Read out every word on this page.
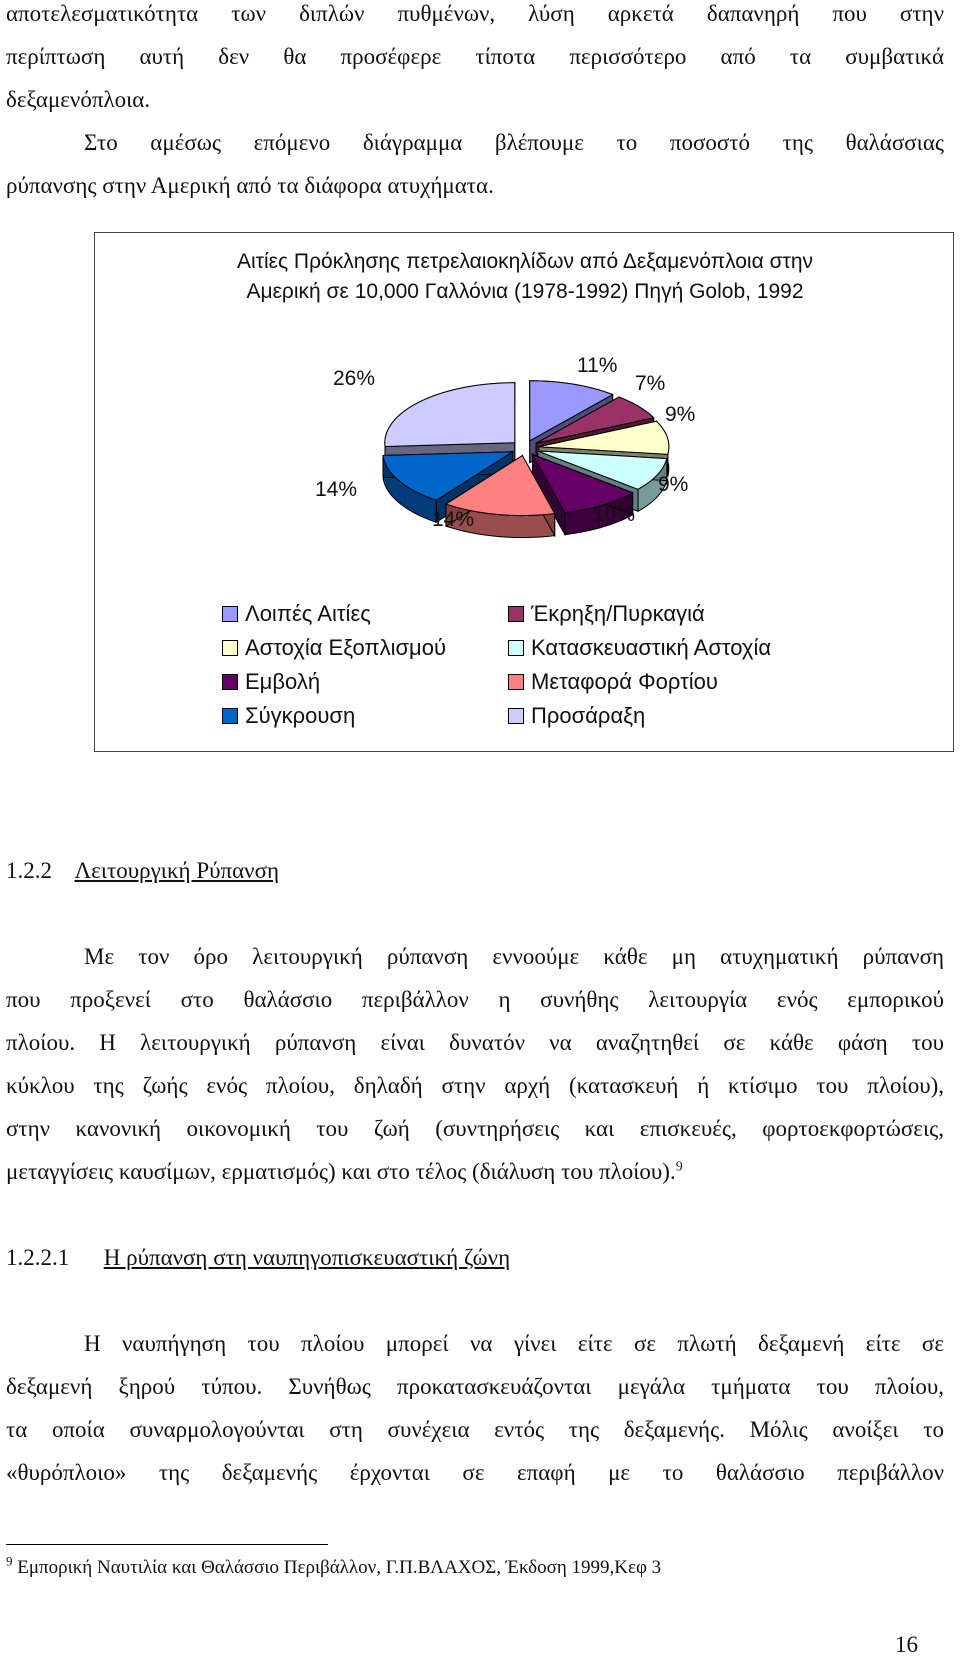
αποτελεσματικότητα των διπλών πυθμένων, λύση αρκετά δαπανηρή που στην
περίπτωση αυτή δεν θα προσέφερε τίποτα περισσότερο από τα συμβατικά
δεξαμενόπλοια.
Στο αμέσως επόμενο διάγραμμα βλέπουμε το ποσοστό της θαλάσσιας
ρύπανσης στην Αμερική από τα διάφορα ατυχήματα.
Αιτίες Πρόκλησης πετρελαιοκηλίδων από Δεξαμενόπλοια στην
Αμερική σε 10,000 Γαλλόνια (1978-1992) Πηγή Golob, 1992
11%
7%
9%
9%
10%
14%
14%
26%
Λοιπές Αιτίες	Έκρηξη/Πυρκαγιά
Αστοχία Εξοπλισμού	Κατασκευαστική Αστοχία
Εμβολή	Μεταφορά Φορτίου
Σύγκρουση	Προσάραξη
1.2.2 Λειτουργική Ρύπανση
Με τον όρο λειτουργική ρύπανση εννοούμε κάθε μη ατυχηματική ρύπανση
που προξενεί στο θαλάσσιο περιβάλλον η συνήθης λειτουργία ενός εμπορικού
πλοίου. Η λειτουργική ρύπανση είναι δυνατόν να αναζητηθεί σε κάθε φάση του
κύκλου της ζωής ενός πλοίου, δηλαδή στην αρχή (κατασκευή ή κτίσιμο του πλοίου),
στην κανονική οικονομική του ζωή (συντηρήσεις και επισκευές, φορτοεκφορτώσεις,
μεταγγίσεις καυσίμων, ερματισμός) και στο τέλος (διάλυση του πλοίου).$^9$
1.2.2.1 Η ρύπανση στη ναυπηγοπισκευαστική ζώνη
Η ναυπήγηση του πλοίου μπορεί να γίνει είτε σε πλωτή δεξαμενή είτε σε
δεξαμενή ξηρού τύπου. Συνήθως προκατασκευάζονται μεγάλα τμήματα του πλοίου,
τα οποία συναρμολογούνται στη συνέχεια εντός της δεξαμενής. Μόλις ανοίξει το
«θυρόπλοιο» της δεξαμενής έρχονται σε επαφή με το θαλάσσιο περιβάλλον
$^9$ Εμπορική Ναυτιλία και Θαλάσσιο Περιβάλλον, Γ.Π.ΒΛΑΧΟΣ, Έκδοση 1999,Κεφ 3
16
